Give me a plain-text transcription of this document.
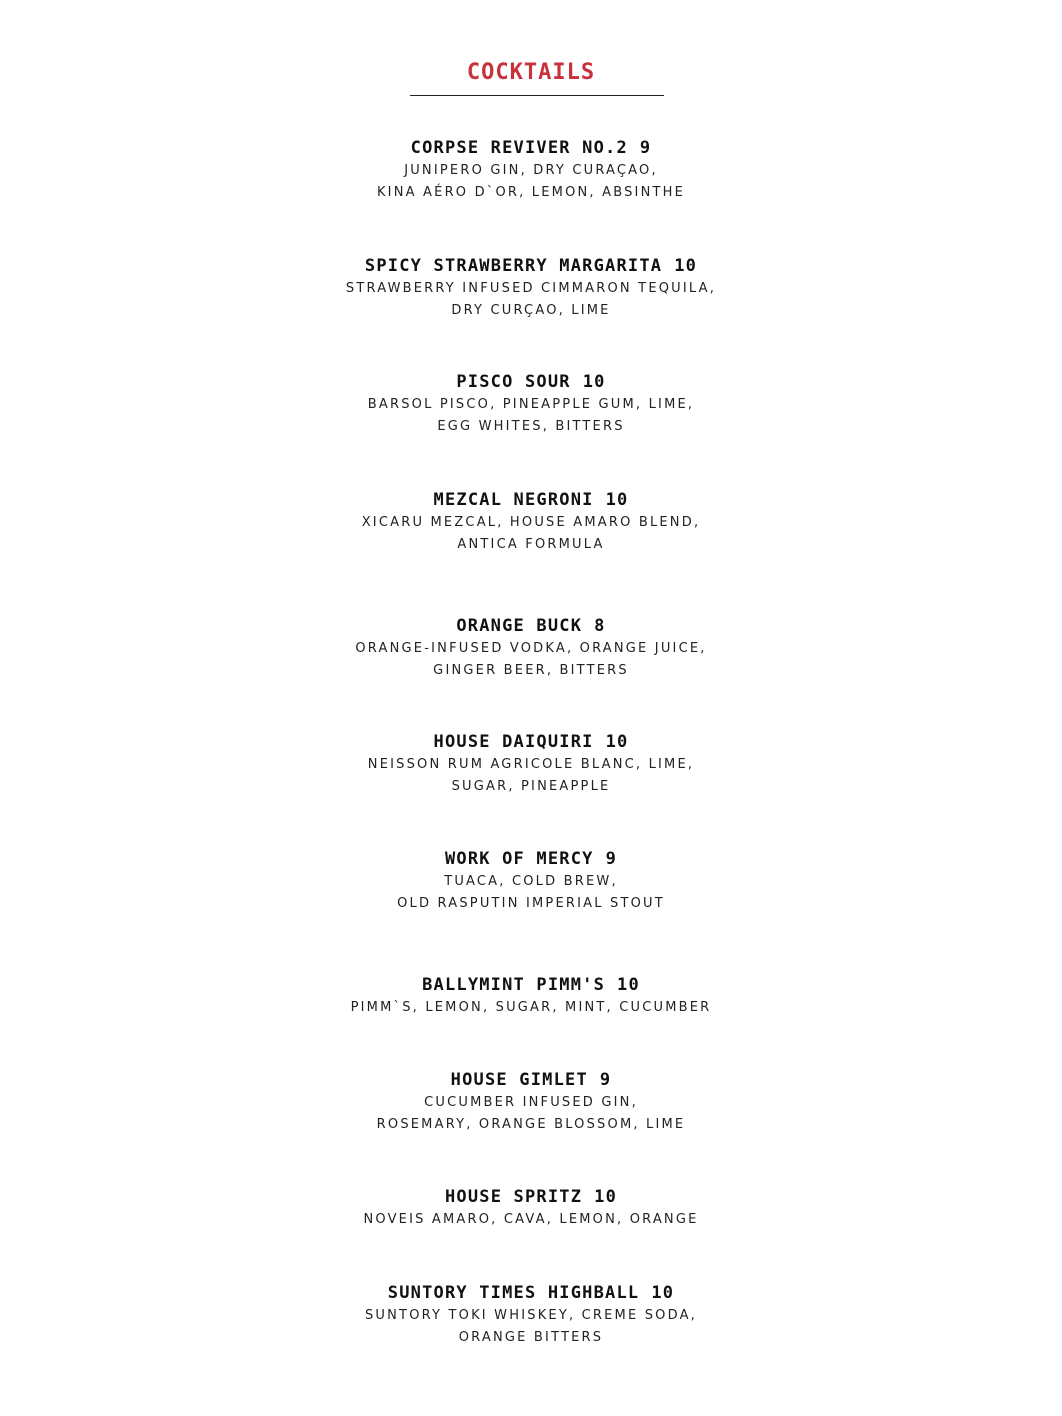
COCKTAILS
CORPSE REVIVER NO.2 9
JUNIPERO GIN, DRY CURAÇAO,
KINA AÉRO D`OR, LEMON, ABSINTHE
SPICY STRAWBERRY MARGARITA 10
STRAWBERRY INFUSED CIMMARON TEQUILA,
DRY CURÇAO, LIME
PISCO SOUR 10
BARSOL PISCO, PINEAPPLE GUM, LIME,
EGG WHITES, BITTERS
MEZCAL NEGRONI 10
XICARU MEZCAL, HOUSE AMARO BLEND,
ANTICA FORMULA
ORANGE BUCK 8
ORANGE-INFUSED VODKA, ORANGE JUICE,
GINGER BEER, BITTERS
HOUSE DAIQUIRI 10
NEISSON RUM AGRICOLE BLANC, LIME,
SUGAR, PINEAPPLE
WORK OF MERCY 9
TUACA, COLD BREW,
OLD RASPUTIN IMPERIAL STOUT
BALLYMINT PIMM'S 10
PIMM`S, LEMON, SUGAR, MINT, CUCUMBER
HOUSE GIMLET 9
CUCUMBER INFUSED GIN,
ROSEMARY, ORANGE BLOSSOM, LIME
HOUSE SPRITZ 10
NOVEIS AMARO, CAVA, LEMON, ORANGE
SUNTORY TIMES HIGHBALL 10
SUNTORY TOKI WHISKEY, CREME SODA,
ORANGE BITTERS
